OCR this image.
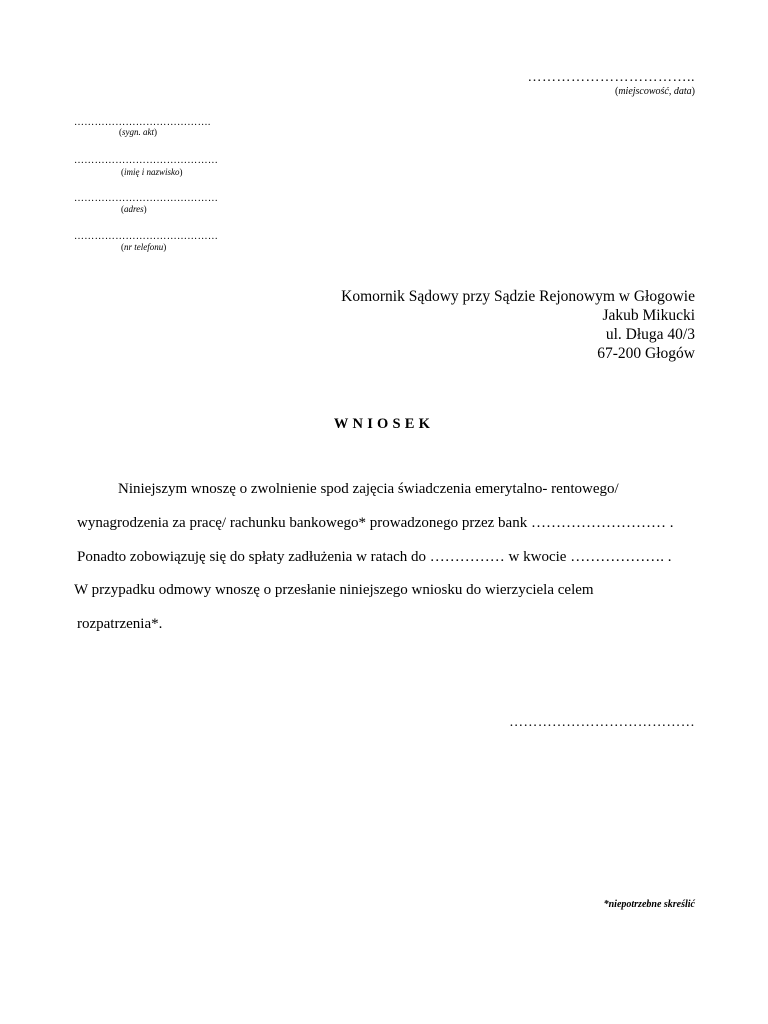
……………………………..
(miejscowość, data)
………………………………….
(sygn. akt)
……………………………………
(imię i nazwisko)
……………………………………
(adres)
……………………………………
(nr telefonu)
Komornik Sądowy przy Sądzie Rejonowym w Głogowie
Jakub Mikucki
ul. Długa 40/3
67-200 Głogów
WNIOSEK
Niniejszym wnoszę o zwolnienie spod zajęcia świadczenia emerytalno- rentowego/
wynagrodzenia za pracę/ rachunku bankowego* prowadzonego przez bank ……………………… .
Ponadto zobowiązuję się do spłaty zadłużenia w ratach do …………… w kwocie ………………. .
W przypadku odmowy wnoszę o przesłanie niniejszego wniosku do wierzyciela celem
rozpatrzenia*.
…………………………………
*niepotrzebne skreślić
